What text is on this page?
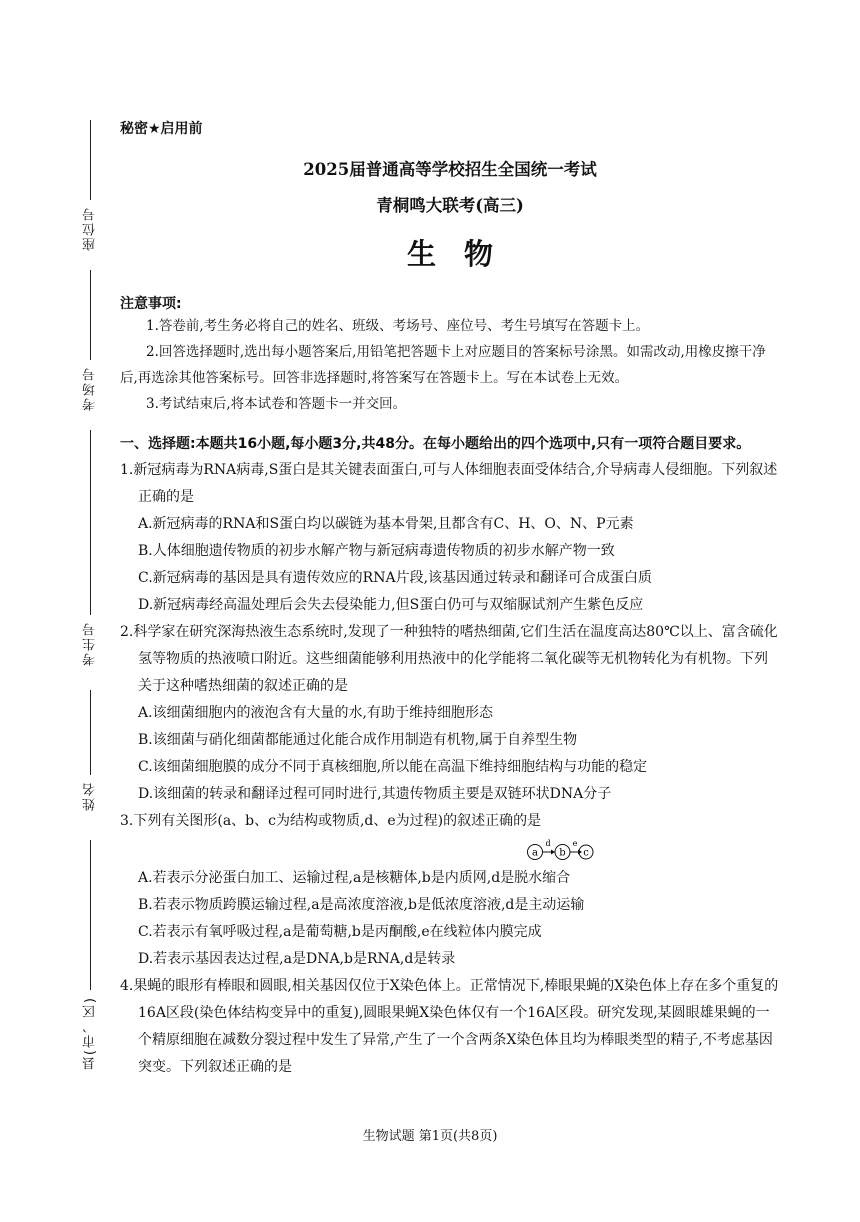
座位号
考场号
考生号
姓名
县(市、区)
秘密★启用前
2025届普通高等学校招生全国统一考试
青桐鸣大联考(高三)
生物
注意事项:

1.答卷前,考生务必将自己的姓名、班级、考场号、座位号、考生号填写在答题卡上。

2.回答选择题时,选出每小题答案后,用铅笔把答题卡上对应题目的答案标号涂黑。如需改动,用橡皮擦干净后,再选涂其他答案标号。回答非选择题时,将答案写在答题卡上。写在本试卷上无效。

3.考试结束后,将本试卷和答题卡一并交回。

一、选择题:本题共16小题,每小题3分,共48分。在每小题给出的四个选项中,只有一项符合题目要求。

1.新冠病毒为RNA病毒,S蛋白是其关键表面蛋白,可与人体细胞表面受体结合,介导病毒人侵细胞。下列叙述正确的是

A.新冠病毒的RNA和S蛋白均以碳链为基本骨架,且都含有C、H、O、N、P元素

B.人体细胞遗传物质的初步水解产物与新冠病毒遗传物质的初步水解产物一致

C.新冠病毒的基因是具有遗传效应的RNA片段,该基因通过转录和翻译可合成蛋白质

D.新冠病毒经高温处理后会失去侵染能力,但S蛋白仍可与双缩脲试剂产生紫色反应

2.科学家在研究深海热液生态系统时,发现了一种独特的嗜热细菌,它们生活在温度高达80℃以上、富含硫化氢等物质的热液喷口附近。这些细菌能够利用热液中的化学能将二氧化碳等无机物转化为有机物。下列关于这种嗜热细菌的叙述正确的是

A.该细菌细胞内的液泡含有大量的水,有助于维持细胞形态

B.该细菌与硝化细菌都能通过化能合成作用制造有机物,属于自养型生物

C.该细菌细胞膜的成分不同于真核细胞,所以能在高温下维持细胞结构与功能的稳定

D.该细菌的转录和翻译过程可同时进行,其遗传物质主要是双链环状DNA分子

3.下列有关图形(a、b、c为结构或物质,d、e为过程)的叙述正确的是

a
d
b
e
c

A.若表示分泌蛋白加工、运输过程,a是核糖体,b是内质网,d是脱水缩合

B.若表示物质跨膜运输过程,a是高浓度溶液,b是低浓度溶液,d是主动运输

C.若表示有氧呼吸过程,a是葡萄糖,b是丙酮酸,e在线粒体内膜完成

D.若表示基因表达过程,a是DNA,b是RNA,d是转录

4.果蝇的眼形有棒眼和圆眼,相关基因仅位于X染色体上。正常情况下,棒眼果蝇的X染色体上存在多个重复的16A区段(染色体结构变异中的重复),圆眼果蝇X染色体仅有一个16A区段。研究发现,某圆眼雄果蝇的一个精原细胞在减数分裂过程中发生了异常,产生了一个含两条X染色体且均为棒眼类型的精子,不考虑基因突变。下列叙述正确的是

生物试题 第1页(共8页)
